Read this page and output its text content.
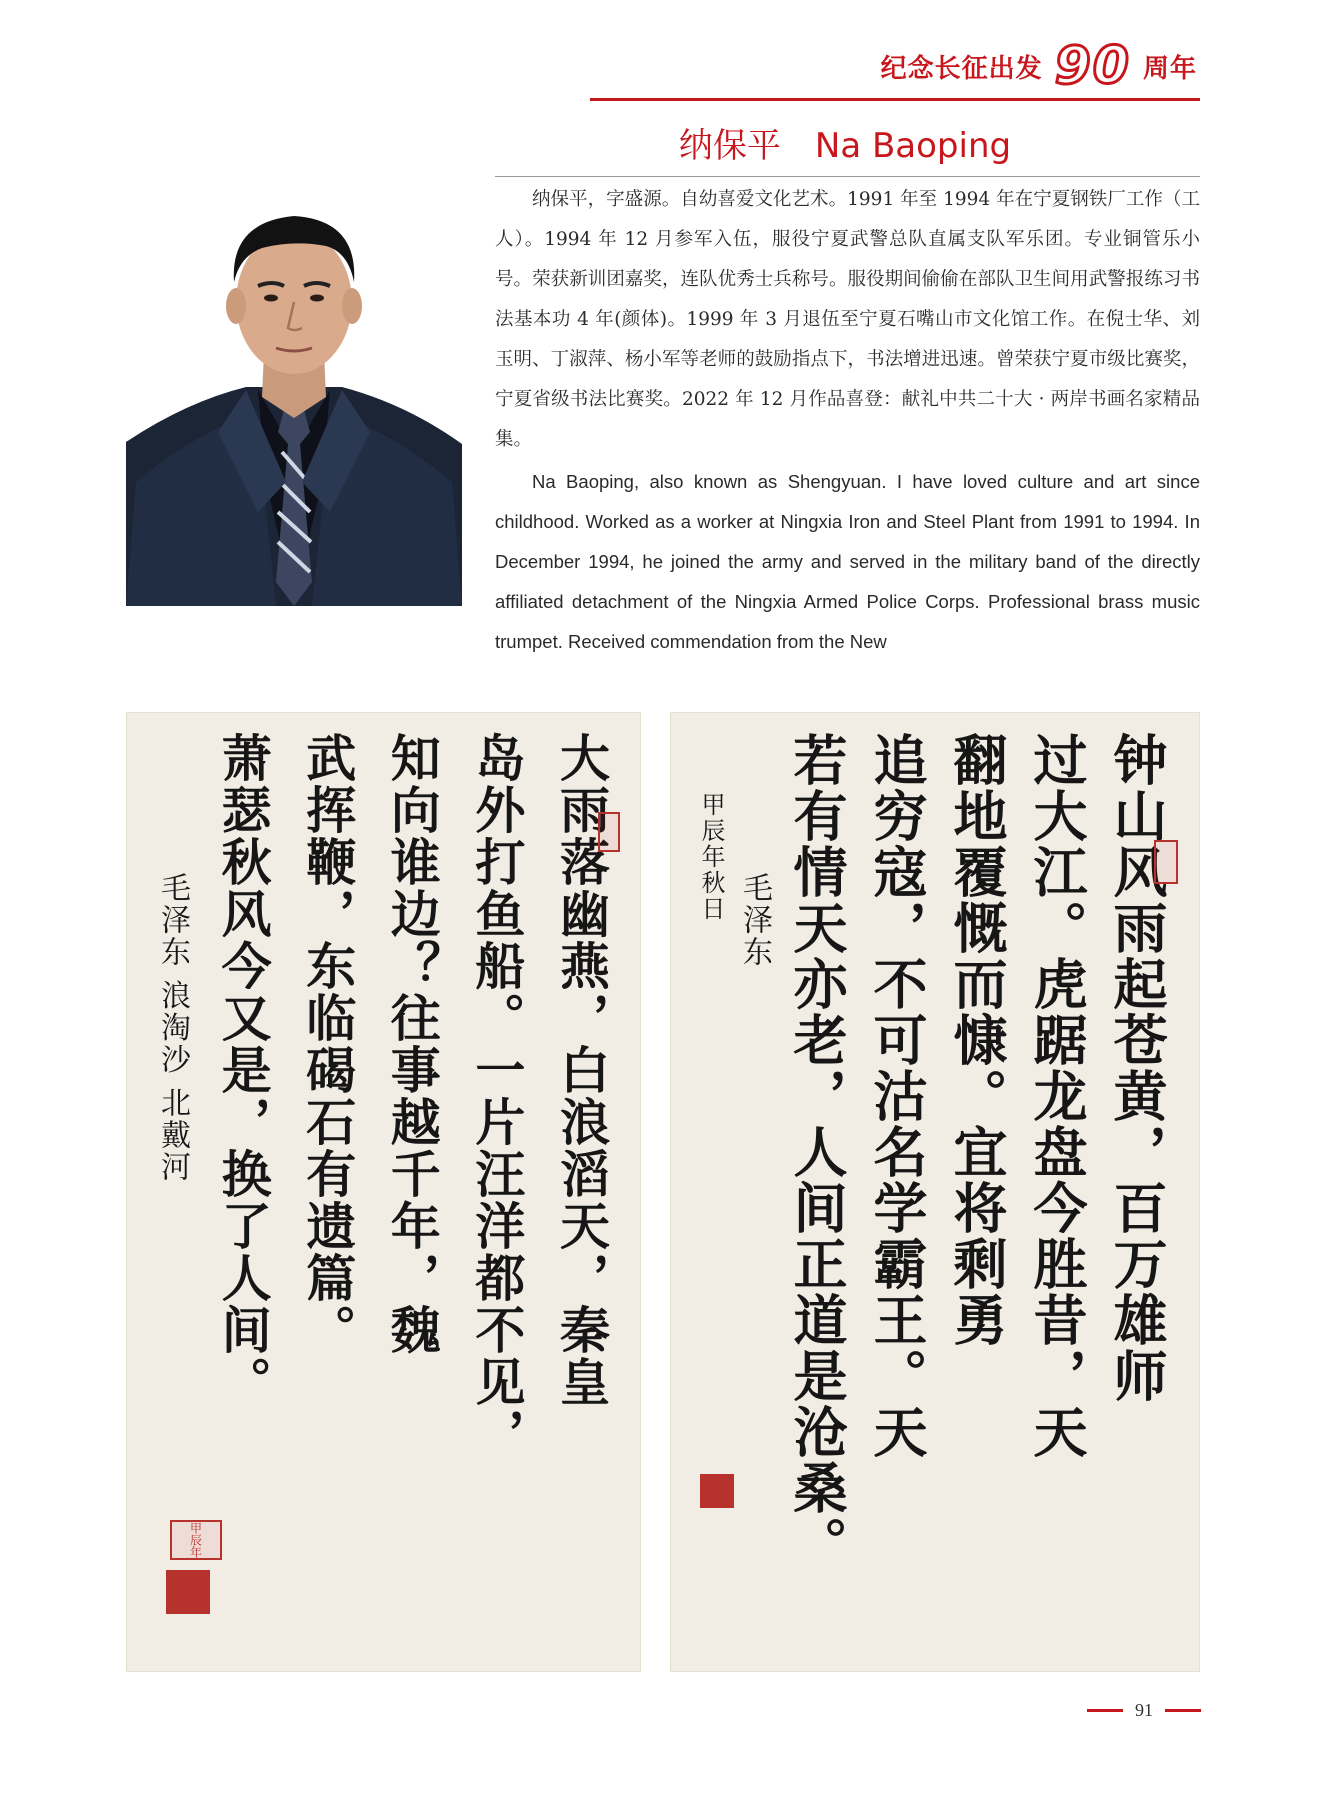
纪念长征出发 90 周年
纳保平 Na Baoping

纳保平，字盛源。自幼喜爱文化艺术。1991 年至 1994 年在宁夏钢铁厂工作（工人）。1994 年 12 月参军入伍，服役宁夏武警总队直属支队军乐团。专业铜管乐小号。荣获新训团嘉奖，连队优秀士兵称号。服役期间偷偷在部队卫生间用武警报练习书法基本功 4 年(颜体)。1999 年 3 月退伍至宁夏石嘴山市文化馆工作。在倪士华、刘玉明、丁淑萍、杨小军等老师的鼓励指点下，书法增进迅速。曾荣获宁夏市级比赛奖，宁夏省级书法比赛奖。2022 年 12 月作品喜登：献礼中共二十大 · 两岸书画名家精品集。

Na Baoping, also known as Shengyuan. I have loved culture and art since childhood. Worked as a worker at Ningxia Iron and Steel Plant from 1991 to 1994. In December 1994, he joined the army and served in the military band of the directly affiliated detachment of the Ningxia Armed Police Corps. Professional brass music trumpet. Received commendation from the New

大雨落幽燕，白浪滔天，秦皇
岛外打鱼船。一片汪洋都不见，
知向谁边？往事越千年，魏
武挥鞭，东临碣石有遗篇。
萧瑟秋风今又是，换了人间。
毛泽东 浪淘沙 北戴河
甲辰年
钟山风雨起苍黄，百万雄师
过大江。虎踞龙盘今胜昔，天
翻地覆慨而慷。宜将剩勇
追穷寇，不可沽名学霸王。天
若有情天亦老，人间正道是沧桑。
毛泽东
甲辰年秋日
91
